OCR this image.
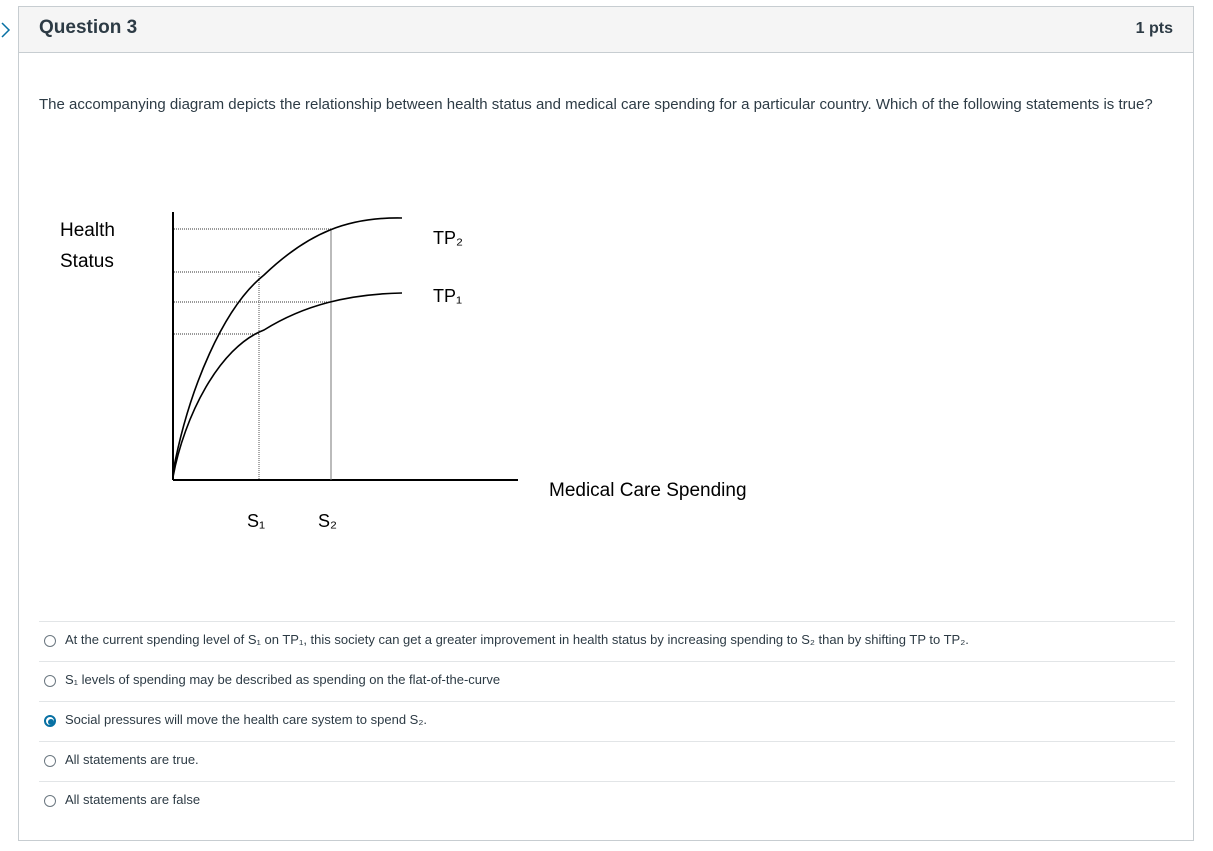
Question 3	1 pts
The accompanying diagram depicts the relationship between health status and medical care spending for a particular country. Which of the following statements is true?
Health
Status
TP₂
TP₁
Medical Care Spending
S₁	S₂
At the current spending level of S₁ on TP₁, this society can get a greater improvement in health status by increasing spending to S₂ than by shifting TP to TP₂.
S₁ levels of spending may be described as spending on the flat-of-the-curve
Social pressures will move the health care system to spend S₂.
All statements are true.
All statements are false
